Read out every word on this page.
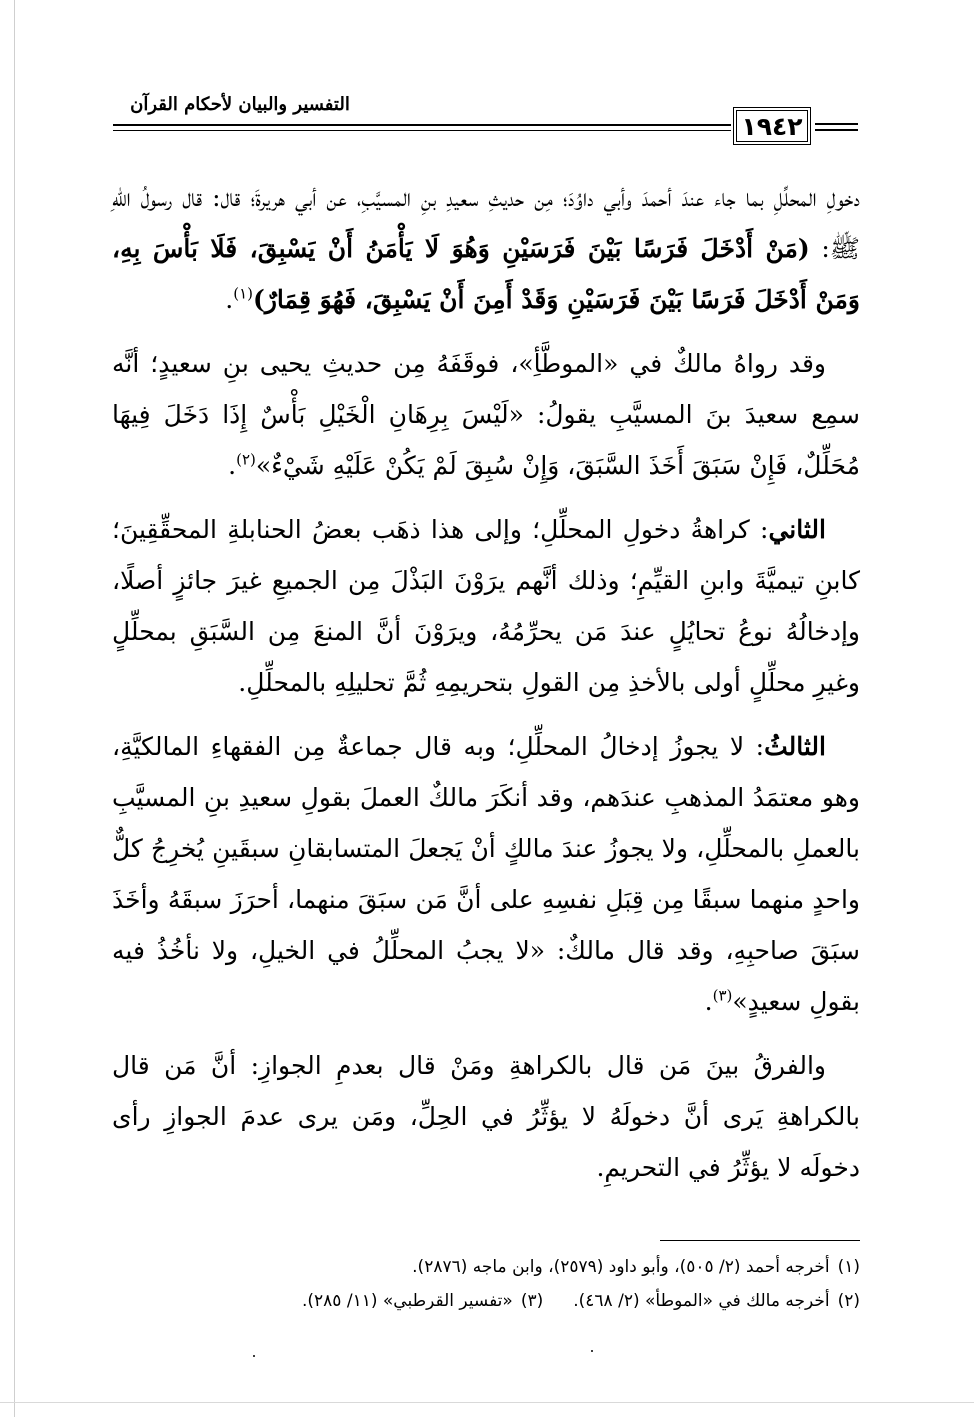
التفسير والبيان لأحكام القرآن
١٩٤٢

دخولِ المحلِّلِ بما جاء عندَ أحمدَ وأبي داوُدَ؛ مِن حديثِ سعيدِ بنِ المسيَّبِ، عن أبي هريرةَ؛ قال: قال رسولُ اللهِ ﷺ: (مَنْ أَدْخَلَ فَرَسًا بَيْنَ فَرَسَيْنِ وَهُوَ لَا يَأْمَنُ أَنْ يَسْبِقَ، فَلَا بَأْسَ بِهِ، وَمَنْ أَدْخَلَ فَرَسًا بَيْنَ فَرَسَيْنِ وَقَدْ أَمِنَ أَنْ يَسْبِقَ، فَهُوَ قِمَارٌ)$^{(١)}$.

وقد رواهُ مالكٌ في «الموطَّأِ»، فوقَفَهُ مِن حديثِ يحيى بنِ سعيدٍ؛ أنَّه سمِع سعيدَ بنَ المسيَّبِ يقولُ: «لَيْسَ بِرِهَانِ الْخَيْلِ بَأْسٌ إِذَا دَخَلَ فِيهَا مُحَلِّلٌ، فَإِنْ سَبَقَ أَخَذَ السَّبَقَ، وَإِنْ سُبِقَ لَمْ يَكُنْ عَلَيْهِ شَيْءٌ»$^{(٢)}$.

الثاني: كراهةُ دخولِ المحلِّلِ؛ وإلى هذا ذهَب بعضُ الحنابلةِ المحقِّقِينَ؛ كابنِ تيميَّةَ وابنِ القيِّمِ؛ وذلك أنَّهم يرَوْنَ البَذْلَ مِن الجميعِ غيرَ جائزٍ أصلًا، وإدخالُهُ نوعُ تحايُلٍ عندَ مَن يحرِّمُهُ، ويرَوْنَ أنَّ المنعَ مِن السَّبَقِ بمحلِّلٍ وغيرِ محلِّلٍ أولى بالأخذِ مِن القولِ بتحريمِهِ ثُمَّ تحليلِهِ بالمحلِّلِ.

الثالثُ: لا يجوزُ إدخالُ المحلِّلِ؛ وبه قال جماعةٌ مِن الفقهاءِ المالكيَّةِ، وهو معتمَدُ المذهبِ عندَهم، وقد أنكَرَ مالكٌ العملَ بقولِ سعيدِ بنِ المسيَّبِ بالعملِ بالمحلِّلِ، ولا يجوزُ عندَ مالكٍ أنْ يَجعلَ المتسابقانِ سبقَينِ يُخرِجُ كلٌّ واحدٍ منهما سبقًا مِن قِبَلِ نفسِهِ على أنَّ مَن سبَقَ منهما، أحرَزَ سبقَهُ وأخَذَ سبَقَ صاحبِهِ، وقد قال مالكٌ: «لا يجبُ المحلِّلُ في الخيلِ، ولا نأخُذُ فيه بقولِ سعيدٍ»$^{(٣)}$.

والفرقُ بينَ مَن قال بالكراهةِ ومَنْ قال بعدمِ الجوازِ: أنَّ مَن قال بالكراهةِ يَرى أنَّ دخولَهُ لا يؤثِّرُ في الحِلِّ، ومَن يرى عدمَ الجوازِ رأى دخولَه لا يؤثِّرُ في التحريمِ.

(١)أخرجه أحمد (٢/ ٥٠٥)، وأبو داود (٢٥٧٩)، وابن ماجه (٢٨٧٦).
(٢)أخرجه مالك في «الموطأ» (٢/ ٤٦٨).(٣)«تفسير القرطبي» (١١/ ٢٨٥).
